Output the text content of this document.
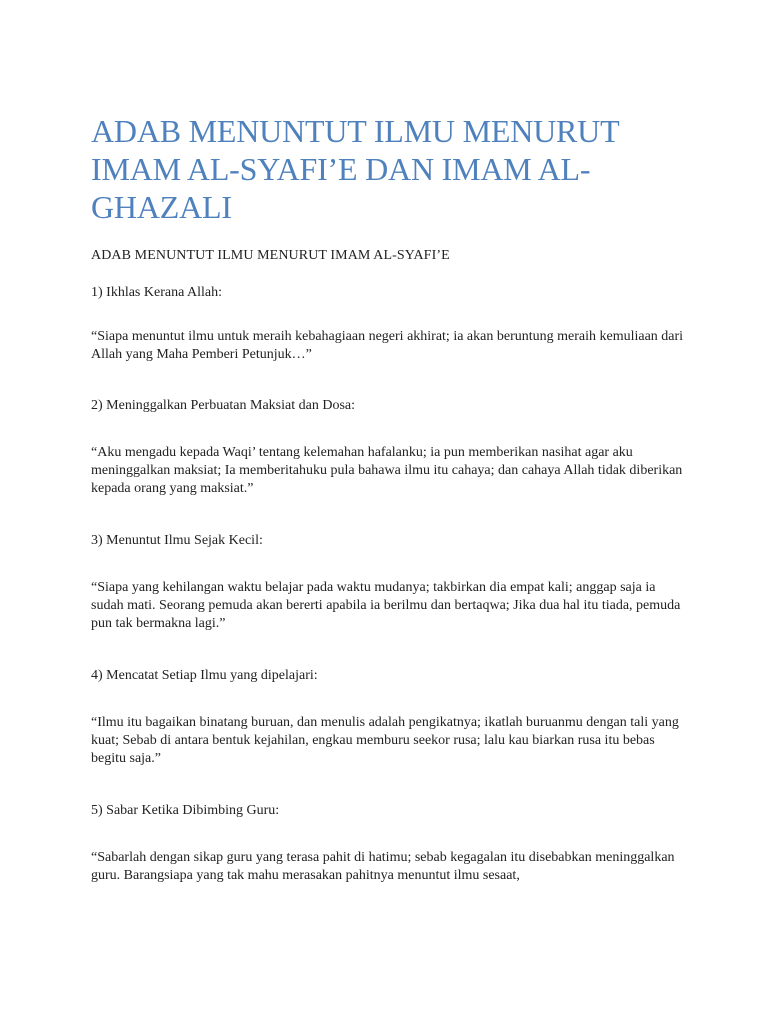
ADAB MENUNTUT ILMU MENURUT IMAM AL-SYAFI’E DAN IMAM AL-GHAZALI

ADAB MENUNTUT ILMU MENURUT IMAM AL-SYAFI’E

1) Ikhlas Kerana Allah:

“Siapa menuntut ilmu untuk meraih kebahagiaan negeri akhirat; ia akan beruntung meraih kemuliaan dari Allah yang Maha Pemberi Petunjuk…”

2) Meninggalkan Perbuatan Maksiat dan Dosa:

“Aku mengadu kepada Waqi’ tentang kelemahan hafalanku; ia pun memberikan nasihat agar aku meninggalkan maksiat; Ia memberitahuku pula bahawa ilmu itu cahaya; dan cahaya Allah tidak diberikan kepada orang yang maksiat.”

3) Menuntut Ilmu Sejak Kecil:

“Siapa yang kehilangan waktu belajar pada waktu mudanya; takbirkan dia empat kali; anggap saja ia sudah mati. Seorang pemuda akan bererti apabila ia berilmu dan bertaqwa; Jika dua hal itu tiada, pemuda pun tak bermakna lagi.”

4) Mencatat Setiap Ilmu yang dipelajari:

“Ilmu itu bagaikan binatang buruan, dan menulis adalah pengikatnya; ikatlah buruanmu dengan tali yang kuat; Sebab di antara bentuk kejahilan, engkau memburu seekor rusa; lalu kau biarkan rusa itu bebas begitu saja.”

5) Sabar Ketika Dibimbing Guru:

“Sabarlah dengan sikap guru yang terasa pahit di hatimu; sebab kegagalan itu disebabkan meninggalkan guru. Barangsiapa yang tak mahu merasakan pahitnya menuntut ilmu sesaat,
